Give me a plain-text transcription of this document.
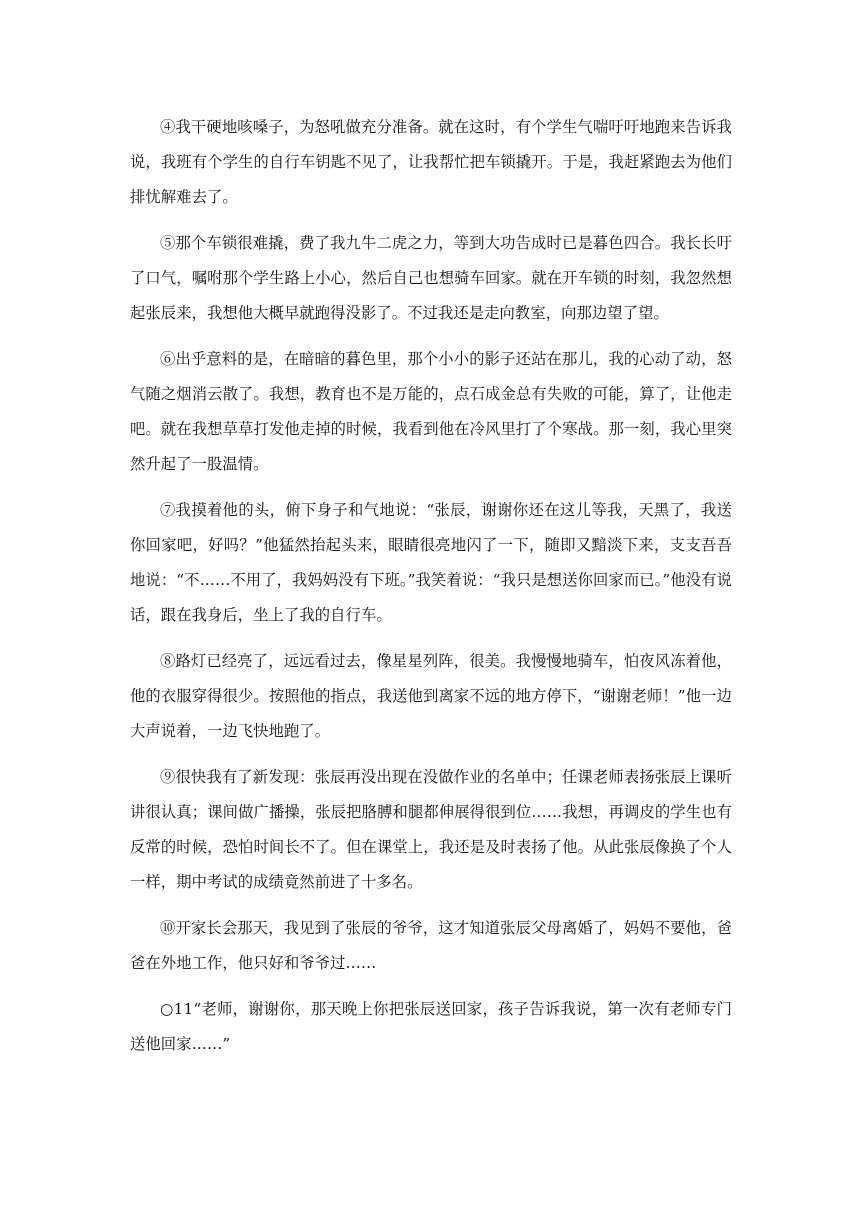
④我干硬地咳嗓子，为怒吼做充分准备。就在这时，有个学生气喘吁吁地跑来告诉我说，我班有个学生的自行车钥匙不见了，让我帮忙把车锁撬开。于是，我赶紧跑去为他们排忧解难去了。

⑤那个车锁很难撬，费了我九牛二虎之力，等到大功告成时已是暮色四合。我长长吁了口气，嘱咐那个学生路上小心，然后自己也想骑车回家。就在开车锁的时刻，我忽然想起张辰来，我想他大概早就跑得没影了。不过我还是走向教室，向那边望了望。

⑥出乎意料的是，在暗暗的暮色里，那个小小的影子还站在那儿，我的心动了动，怒气随之烟消云散了。我想，教育也不是万能的，点石成金总有失败的可能，算了，让他走吧。就在我想草草打发他走掉的时候，我看到他在冷风里打了个寒战。那一刻，我心里突然升起了一股温情。

⑦我摸着他的头，俯下身子和气地说：“张辰，谢谢你还在这儿等我，天黑了，我送你回家吧，好吗？”他猛然抬起头来，眼睛很亮地闪了一下，随即又黯淡下来，支支吾吾地说：“不……不用了，我妈妈没有下班。”我笑着说：“我只是想送你回家而已。”他没有说话，跟在我身后，坐上了我的自行车。

⑧路灯已经亮了，远远看过去，像星星列阵，很美。我慢慢地骑车，怕夜风冻着他，他的衣服穿得很少。按照他的指点，我送他到离家不远的地方停下，“谢谢老师！”他一边大声说着，一边飞快地跑了。

⑨很快我有了新发现：张辰再没出现在没做作业的名单中；任课老师表扬张辰上课听讲很认真；课间做广播操，张辰把胳膊和腿都伸展得很到位……我想，再调皮的学生也有反常的时候，恐怕时间长不了。但在课堂上，我还是及时表扬了他。从此张辰像换了个人一样，期中考试的成绩竟然前进了十多名。

⑩开家长会那天，我见到了张辰的爷爷，这才知道张辰父母离婚了，妈妈不要他，爸爸在外地工作，他只好和爷爷过……

○11“老师，谢谢你，那天晚上你把张辰送回家，孩子告诉我说，第一次有老师专门送他回家……”
